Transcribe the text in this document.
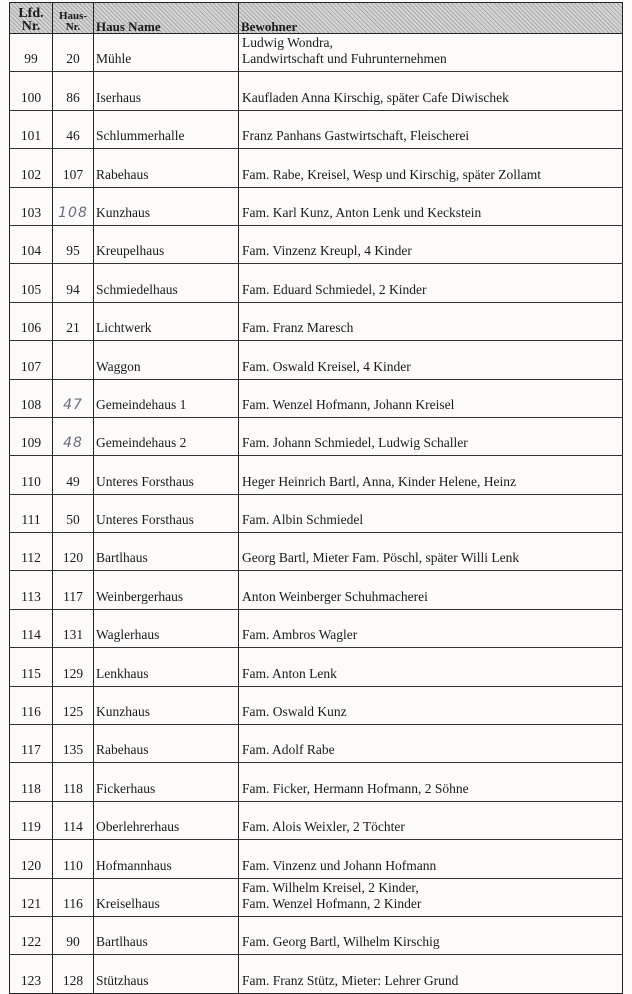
Lfd. Nr.	Haus- Nr.	Haus Name	Bewohner
99	20	Mühle	Ludwig Wondra,
Landwirtschaft und Fuhrunternehmen

100	86	Iserhaus	Kaufladen Anna Kirschig, später Cafe Diwischek

101	46	Schlummerhalle	Franz Panhans Gastwirtschaft, Fleischerei

102	107	Rabehaus	Fam. Rabe, Kreisel, Wesp und Kirschig, später Zollamt

103	108	Kunzhaus	Fam. Karl Kunz, Anton Lenk und Keckstein

104	95	Kreupelhaus	Fam. Vinzenz Kreupl, 4 Kinder

105	94	Schmiedelhaus	Fam. Eduard Schmiedel, 2 Kinder

106	21	Lichtwerk	Fam. Franz Maresch

107		Waggon	Fam. Oswald Kreisel, 4 Kinder

108	47	Gemeindehaus 1	Fam. Wenzel Hofmann, Johann Kreisel

109	48	Gemeindehaus 2	Fam. Johann Schmiedel, Ludwig Schaller

110	49	Unteres Forsthaus	Heger Heinrich Bartl, Anna, Kinder Helene, Heinz

111	50	Unteres Forsthaus	Fam. Albin Schmiedel

112	120	Bartlhaus	Georg Bartl, Mieter Fam. Pöschl, später Willi Lenk

113	117	Weinbergerhaus	Anton Weinberger Schuhmacherei

114	131	Waglerhaus	Fam. Ambros Wagler

115	129	Lenkhaus	Fam. Anton Lenk

116	125	Kunzhaus	Fam. Oswald Kunz

117	135	Rabehaus	Fam. Adolf Rabe

118	118	Fickerhaus	Fam. Ficker, Hermann Hofmann, 2 Söhne

119	114	Oberlehrerhaus	Fam. Alois Weixler, 2 Töchter

120	110	Hofmannhaus	Fam. Vinzenz und Johann Hofmann

121	116	Kreiselhaus	Fam. Wilhelm Kreisel, 2 Kinder,
Fam. Wenzel Hofmann, 2 Kinder

122	90	Bartlhaus	Fam. Georg Bartl, Wilhelm Kirschig

123	128	Stützhaus	Fam. Franz Stütz, Mieter: Lehrer Grund
